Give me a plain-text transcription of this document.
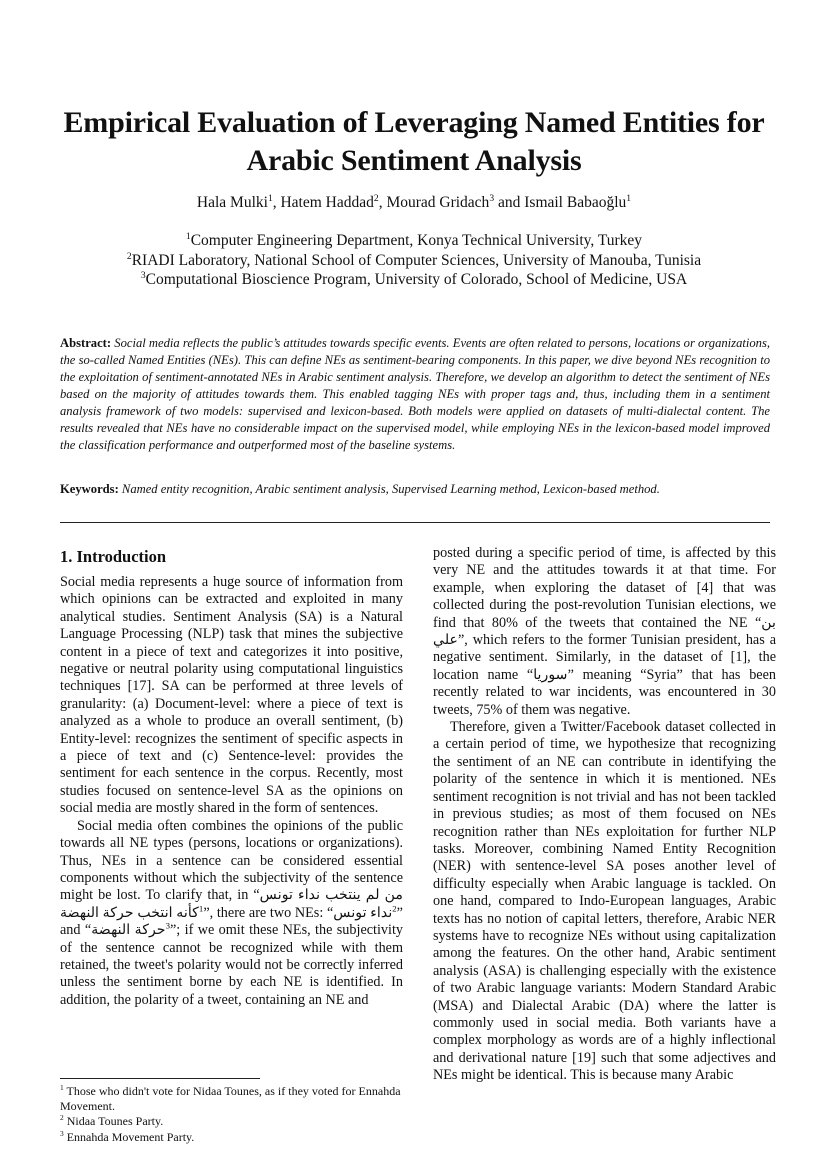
Empirical Evaluation of Leveraging Named Entities for Arabic Sentiment Analysis
Hala Mulki$^1$, Hatem Haddad$^2$, Mourad Gridach$^3$ and Ismail Babaoğlu$^1$
$^1$Computer Engineering Department, Konya Technical University, Turkey
$^2$RIADI Laboratory, National School of Computer Sciences, University of Manouba, Tunisia
$^3$Computational Bioscience Program, University of Colorado, School of Medicine, USA
Abstract: Social media reflects the public’s attitudes towards specific events. Events are often related to persons, locations or organizations, the so-called Named Entities (NEs). This can define NEs as sentiment-bearing components. In this paper, we dive beyond NEs recognition to the exploitation of sentiment-annotated NEs in Arabic sentiment analysis. Therefore, we develop an algorithm to detect the sentiment of NEs based on the majority of attitudes towards them. This enabled tagging NEs with proper tags and, thus, including them in a sentiment analysis framework of two models: supervised and lexicon-based. Both models were applied on datasets of multi-dialectal content. The results revealed that NEs have no considerable impact on the supervised model, while employing NEs in the lexicon-based model improved the classification performance and outperformed most of the baseline systems.
Keywords: Named entity recognition, Arabic sentiment analysis, Supervised Learning method, Lexicon-based method.
1. Introduction

Social media represents a huge source of information from which opinions can be extracted and exploited in many analytical studies. Sentiment Analysis (SA) is a Natural Language Processing (NLP) task that mines the subjective content in a piece of text and categorizes it into positive, negative or neutral polarity using computational linguistics techniques [17]. SA can be performed at three levels of granularity: (a) Document-level: where a piece of text is analyzed as a whole to produce an overall sentiment, (b) Entity-level: recognizes the sentiment of specific aspects in a piece of text and (c) Sentence-level: provides the sentiment for each sentence in the corpus. Recently, most studies focused on sentence-level SA as the opinions on social media are mostly shared in the form of sentences.

Social media often combines the opinions of the public towards all NE types (persons, locations or organizations). Thus, NEs in a sentence can be considered essential components without which the subjectivity of the sentence might be lost. To clarify that, in “من لم ينتخب نداء تونس كأنه انتخب حركة النهضة$^1$”, there are two NEs: “نداء تونس$^2$” and “حركة النهضة$^3$”; if we omit these NEs, the subjectivity of the sentence cannot be recognized while with them retained, the tweet's polarity would not be correctly inferred unless the sentiment borne by each NE is identified. In addition, the polarity of a tweet, containing an NE and

posted during a specific period of time, is affected by this very NE and the attitudes towards it at that time. For example, when exploring the dataset of [4] that was collected during the post-revolution Tunisian elections, we find that 80% of the tweets that contained the NE “بن علي”, which refers to the former Tunisian president, has a negative sentiment. Similarly, in the dataset of [1], the location name “سوريا” meaning “Syria” that has been recently related to war incidents, was encountered in 30 tweets, 75% of them was negative.

Therefore, given a Twitter/Facebook dataset collected in a certain period of time, we hypothesize that recognizing the sentiment of an NE can contribute in identifying the polarity of the sentence in which it is mentioned. NEs sentiment recognition is not trivial and has not been tackled in previous studies; as most of them focused on NEs recognition rather than NEs exploitation for further NLP tasks. Moreover, combining Named Entity Recognition (NER) with sentence-level SA poses another level of difficulty especially when Arabic language is tackled. On one hand, compared to Indo-European languages, Arabic texts has no notion of capital letters, therefore, Arabic NER systems have to recognize NEs without using capitalization among the features. On the other hand, Arabic sentiment analysis (ASA) is challenging especially with the existence of two Arabic language variants: Modern Standard Arabic (MSA) and Dialectal Arabic (DA) where the latter is commonly used in social media. Both variants have a complex morphology as words are of a highly inflectional and derivational nature [19] such that some adjectives and NEs might be identical. This is because many Arabic

$^1$ Those who didn't vote for Nidaa Tounes, as if they voted for Ennahda Movement.
$^2$ Nidaa Tounes Party.
$^3$ Ennahda Movement Party.
